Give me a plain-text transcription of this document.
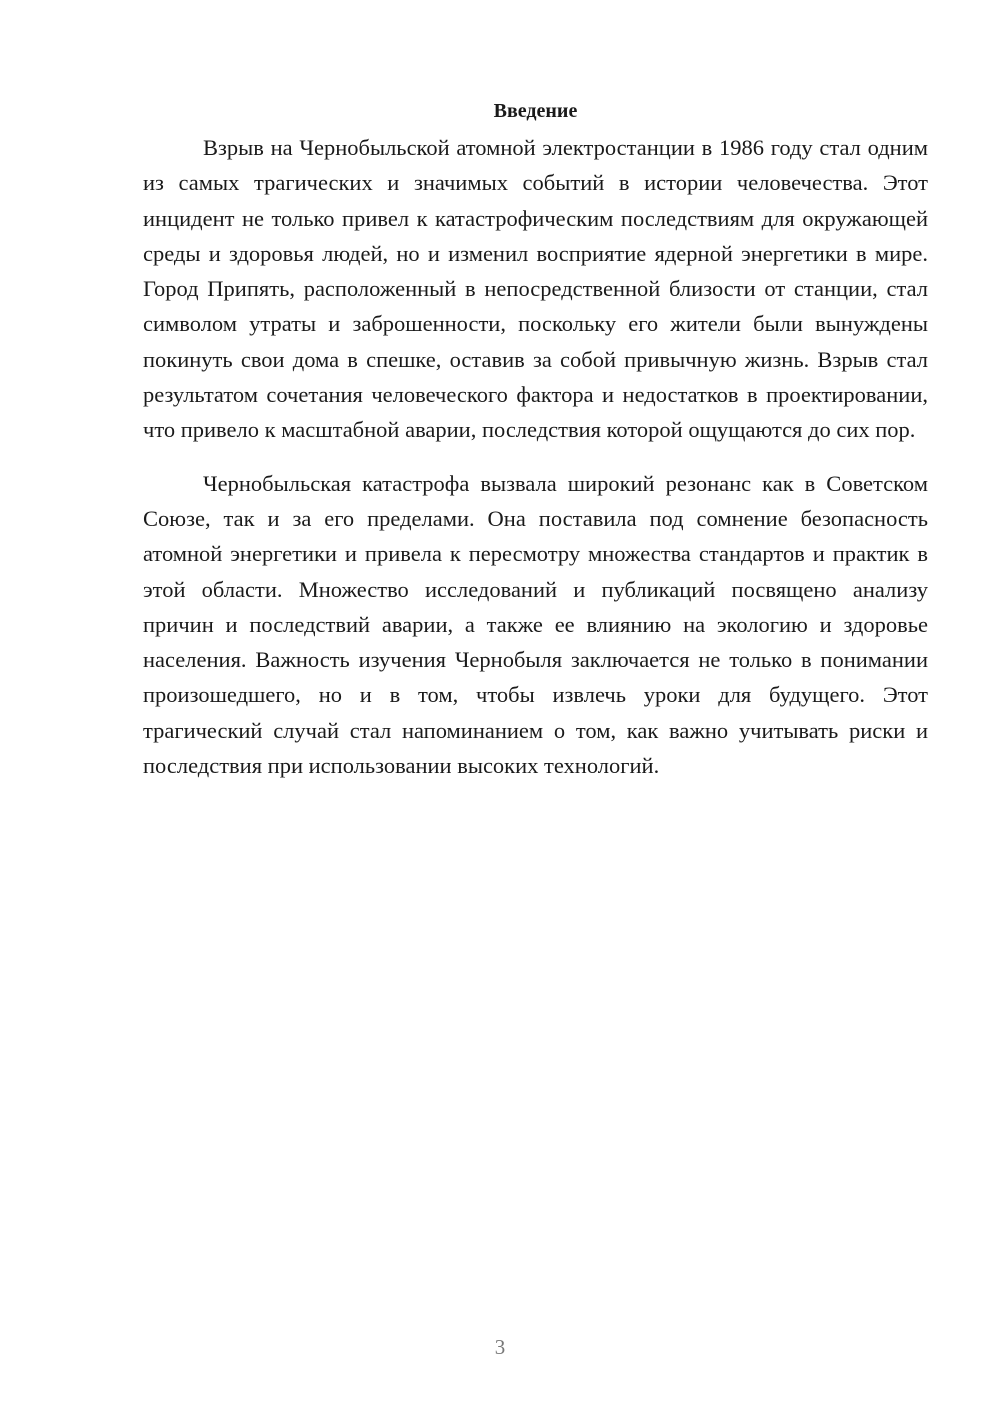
Введение

Взрыв на Чернобыльской атомной электростанции в 1986 году стал одним из самых трагических и значимых событий в истории человечества. Этот инцидент не только привел к катастрофическим последствиям для окружающей среды и здоровья людей, но и изменил восприятие ядерной энергетики в мире. Город Припять, расположенный в непосредственной близости от станции, стал символом утраты и заброшенности, поскольку его жители были вынуждены покинуть свои дома в спешке, оставив за собой привычную жизнь. Взрыв стал результатом сочетания человеческого фактора и недостатков в проектировании, что привело к масштабной аварии, последствия которой ощущаются до сих пор.

Чернобыльская катастрофа вызвала широкий резонанс как в Советском Союзе, так и за его пределами. Она поставила под сомнение безопасность атомной энергетики и привела к пересмотру множества стандартов и практик в этой области. Множество исследований и публикаций посвящено анализу причин и последствий аварии, а также ее влиянию на экологию и здоровье населения. Важность изучения Чернобыля заключается не только в понимании произошедшего, но и в том, чтобы извлечь уроки для будущего. Этот трагический случай стал напоминанием о том, как важно учитывать риски и последствия при использовании высоких технологий.

3
